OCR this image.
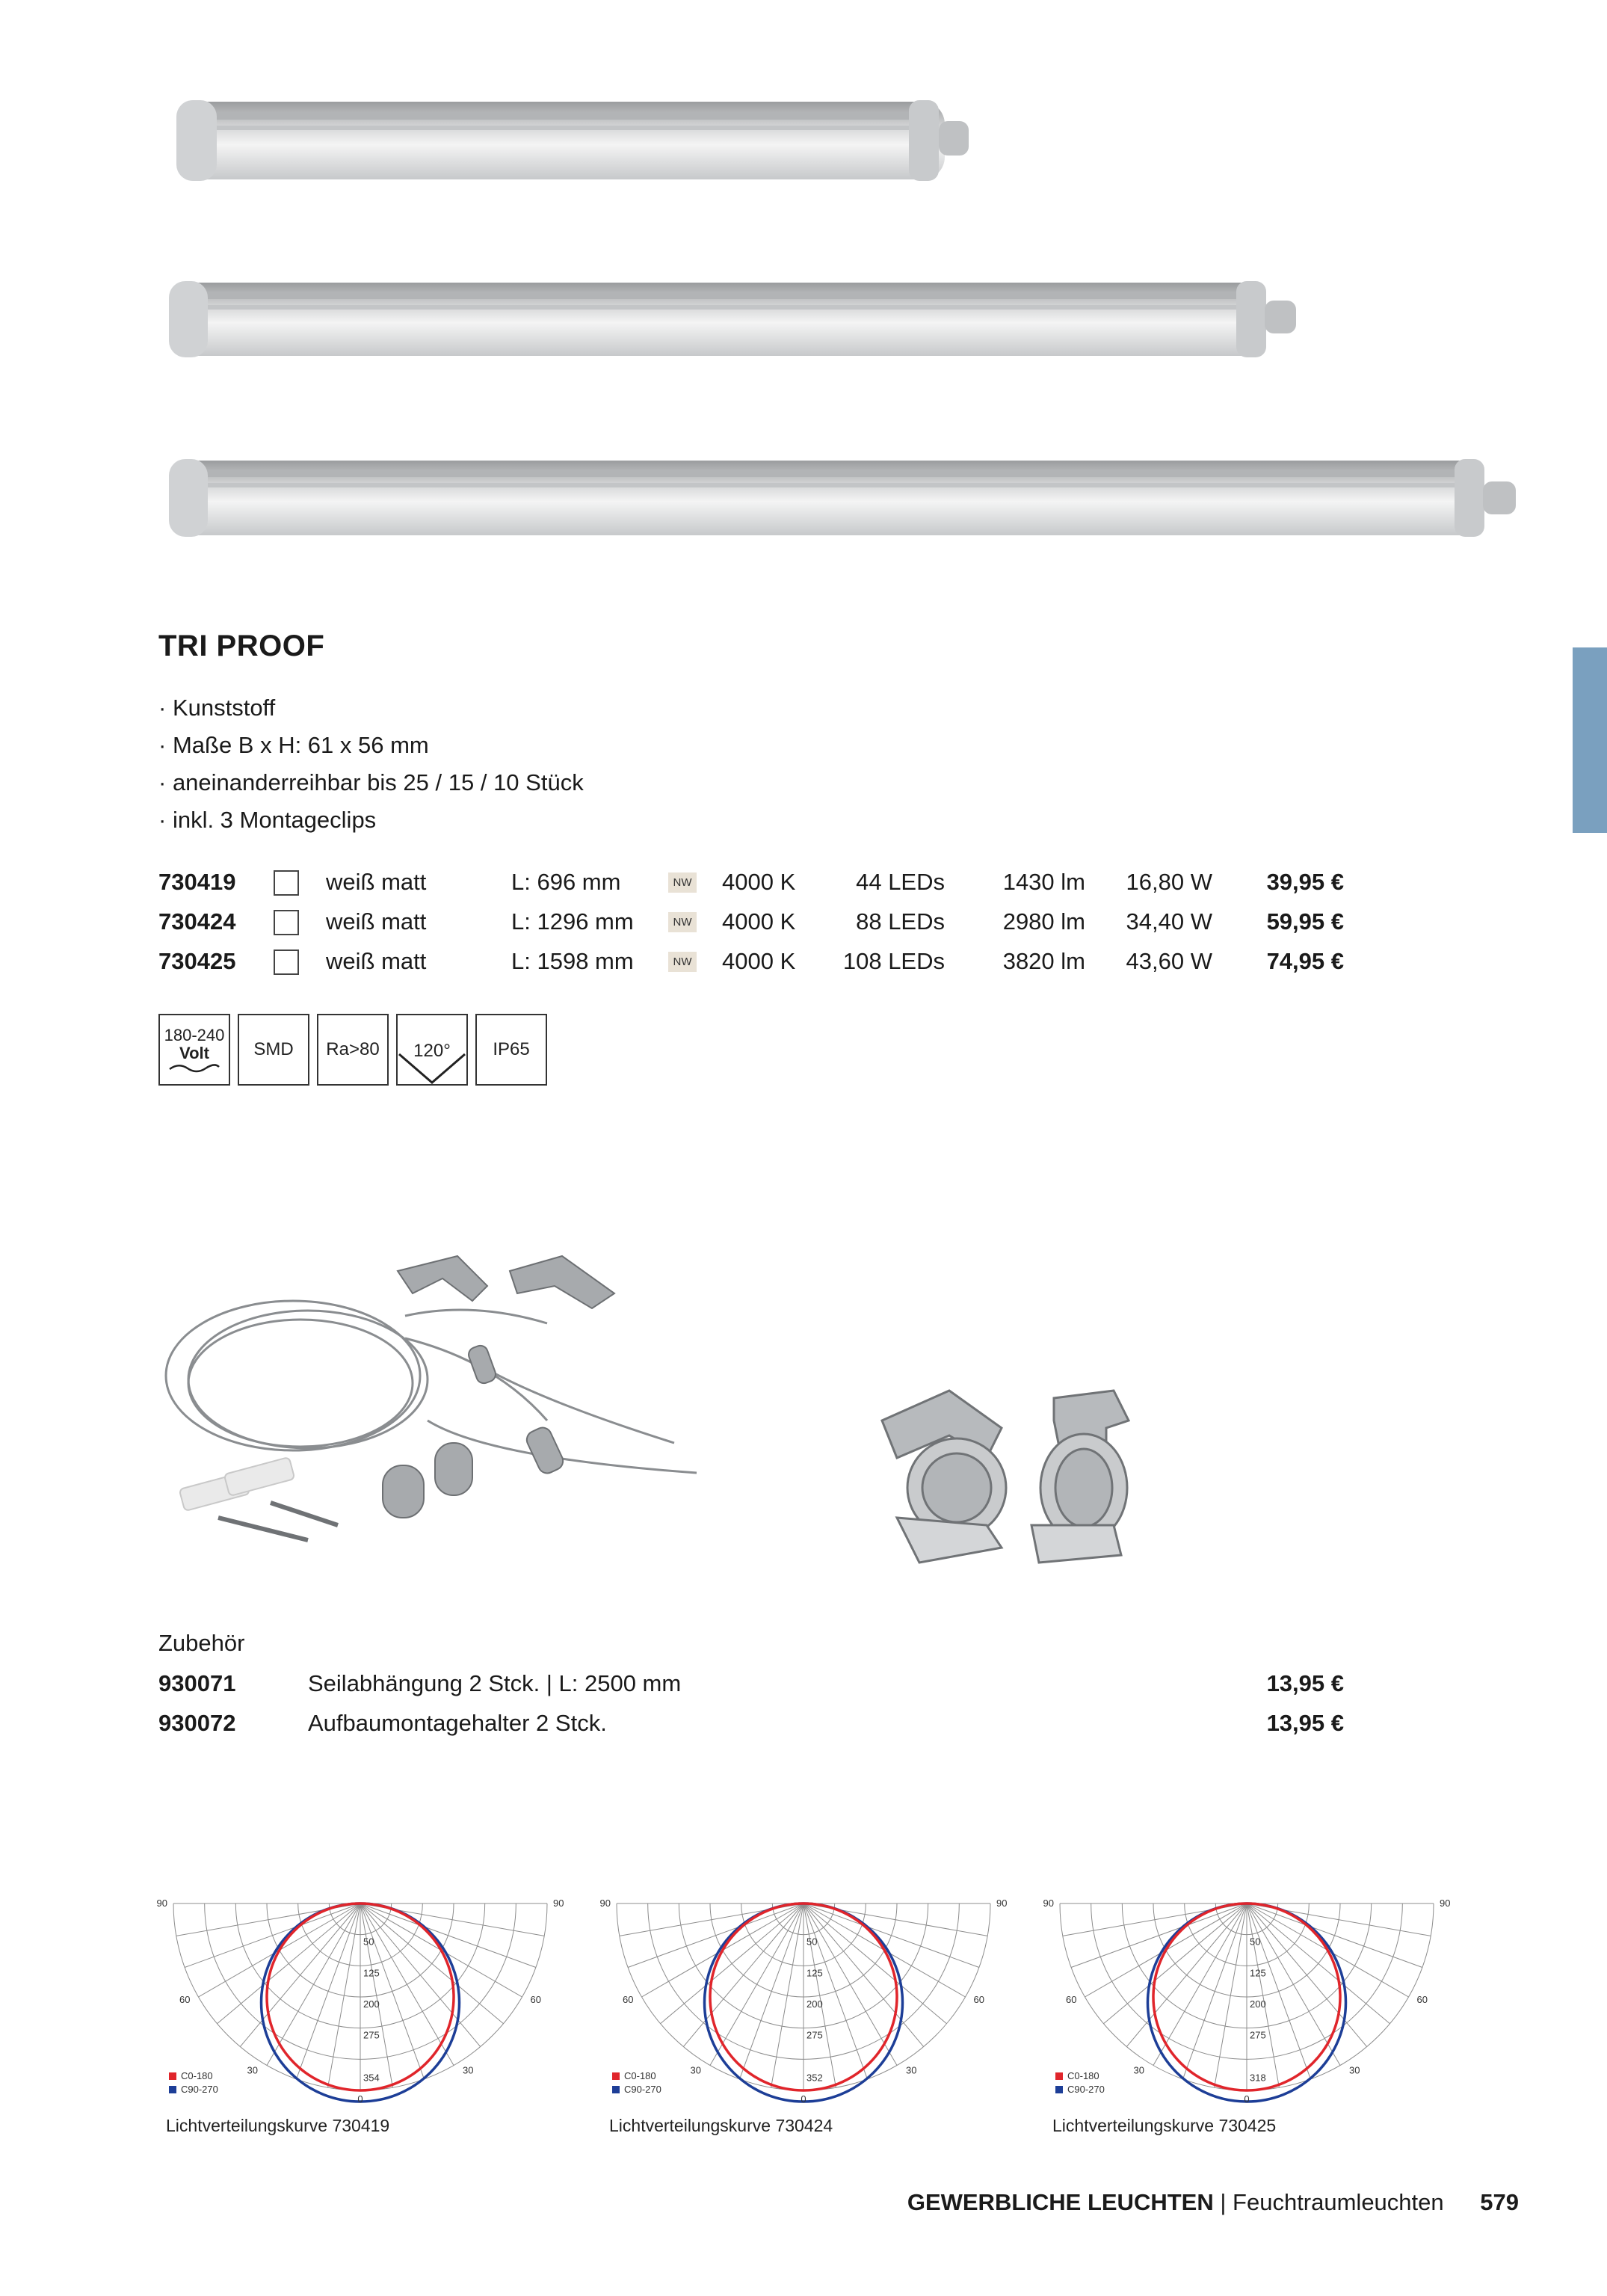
TRI PROOF
· Kunststoff
· Maße B x H: 61 x 56 mm
· aneinanderreihbar bis 25 / 15 / 10 Stück
· inkl. 3 Montageclips
730419	weiß matt	L: 696 mm	NW 4000 K	44 LEDs	1430 lm	16,80 W	39,95 €
730424	weiß matt	L: 1296 mm	NW 4000 K	88 LEDs	2980 lm	34,40 W	59,95 €
730425	weiß matt	L: 1598 mm	NW 4000 K	108 LEDs	3820 lm	43,60 W	74,95 €
180-240
Volt	SMD	Ra>80	120°	IP65
Zubehör
930071	Seilabhängung 2 Stck. | L: 2500 mm	13,95 €
930072	Aufbaumontagehalter 2 Stck.	13,95 €
90	90
60	60
30	30
0
50
125
200
275
354
C0-180
C90-270
90	90
60	60
30	30
0
50
125
200
275
352
C0-180
C90-270
90	90
60	60
30	30
0
50
125
200
275
318
C0-180
C90-270
Lichtverteilungskurve 730419	Lichtverteilungskurve 730424	Lichtverteilungskurve 730425
GEWERBLICHE LEUCHTEN | Feuchtraumleuchten 579
